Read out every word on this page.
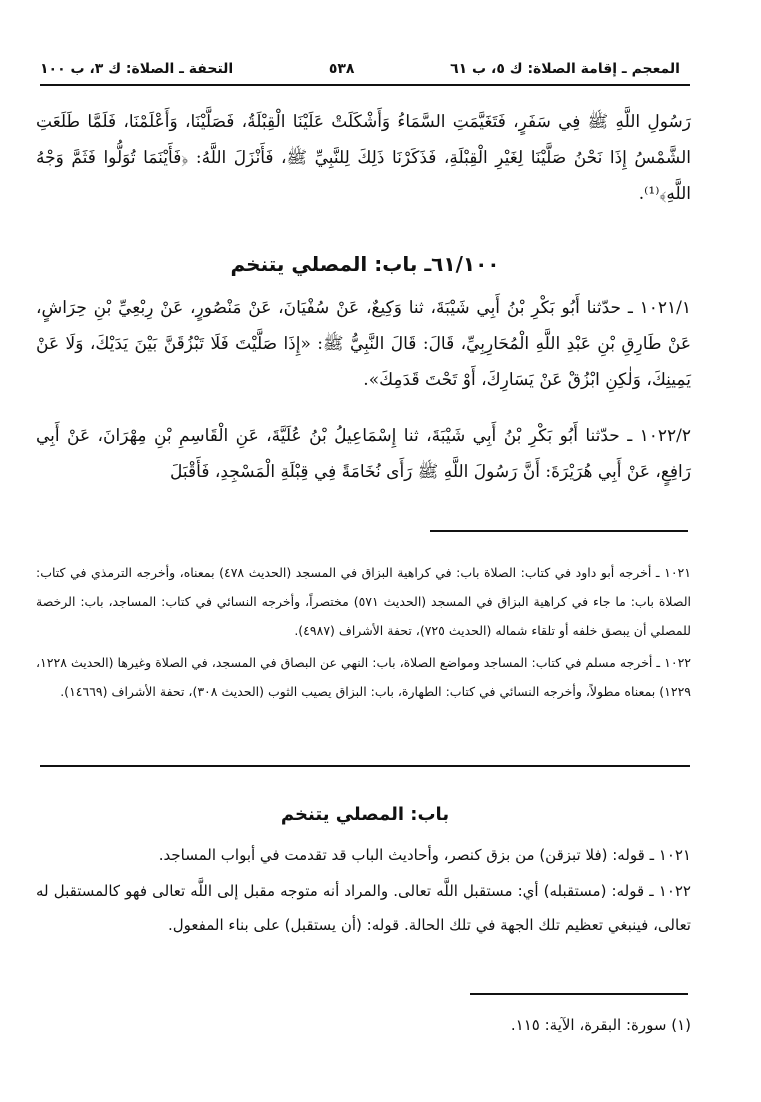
التحفة ـ الصلاة: ك ٣، ب ١٠٠	٥٣٨	المعجم ـ إقامة الصلاة: ك ٥، ب ٦١
رَسُولِ اللَّهِ ﷺ فِي سَفَرٍ، فَتَغَيَّمَتِ السَّمَاءُ وَأَشْكَلَتْ عَلَيْنَا الْقِبْلَةُ، فَصَلَّيْنَا، وَأَعْلَمْنَا، فَلَمَّا طَلَعَتِ الشَّمْسُ إِذَا نَحْنُ صَلَّيْنَا لِغَيْرِ الْقِبْلَةِ، فَذَكَرْنَا ذَلِكَ لِلنَّبِيِّ ﷺ، فَأَنْزَلَ اللَّهُ: ﴿فَأَيْنَمَا تُوَلُّوا فَثَمَّ وَجْهُ اللَّهِ﴾⁽¹⁾.
٦١/١٠٠ـ باب: المصلي يتنخم
١٠٢١/١ ـ حدّثنا أَبُو بَكْرِ بْنُ أَبِي شَيْبَةَ، ثنا وَكِيعٌ، عَنْ سُفْيَانَ، عَنْ مَنْصُورٍ، عَنْ رِبْعِيِّ بْنِ حِرَاشٍ، عَنْ طَارِقِ بْنِ عَبْدِ اللَّهِ الْمُحَارِبِيِّ، قَالَ: قَالَ النَّبِيُّ ﷺ: «إِذَا صَلَّيْتَ فَلَا تَبْزُقَنَّ بَيْنَ يَدَيْكَ، وَلَا عَنْ يَمِينِكَ، وَلٰكِنِ ابْزُقْ عَنْ يَسَارِكَ، أَوْ تَحْتَ قَدَمِكَ».
١٠٢٢/٢ ـ حدّثنا أَبُو بَكْرِ بْنُ أَبِي شَيْبَةَ، ثنا إِسْمَاعِيلُ بْنُ عُلَيَّةَ، عَنِ الْقَاسِمِ بْنِ مِهْرَانَ، عَنْ أَبِي رَافِعٍ، عَنْ أَبِي هُرَيْرَةَ: أَنَّ رَسُولَ اللَّهِ ﷺ رَأَى نُخَامَةً فِي قِبْلَةِ الْمَسْجِدِ، فَأَقْبَلَ
١٠٢١ ـ أخرجه أبو داود في كتاب: الصلاة باب: في كراهية البزاق في المسجد (الحديث ٤٧٨) بمعناه، وأخرجه الترمذي في كتاب: الصلاة باب: ما جاء في كراهية البزاق في المسجد (الحديث ٥٧١) مختصراً، وأخرجه النسائي في كتاب: المساجد، باب: الرخصة للمصلي أن يبصق خلفه أو تلقاء شماله (الحديث ٧٢٥)، تحفة الأشراف (٤٩٨٧).
١٠٢٢ ـ أخرجه مسلم في كتاب: المساجد ومواضع الصلاة، باب: النهي عن البصاق في المسجد، في الصلاة وغيرها (الحديث ١٢٢٨، ١٢٢٩) بمعناه مطولاً، وأخرجه النسائي في كتاب: الطهارة، باب: البزاق يصيب الثوب (الحديث ٣٠٨)، تحفة الأشراف (١٤٦٦٩).
باب: المصلي يتنخم
١٠٢١ ـ قوله: (فلا تبزقن) من بزق كنصر، وأحاديث الباب قد تقدمت في أبواب المساجد.
١٠٢٢ ـ قوله: (مستقبله) أي: مستقبل اللَّه تعالى. والمراد أنه متوجه مقبل إلى اللَّه تعالى فهو كالمستقبل له تعالى، فينبغي تعظيم تلك الجهة في تلك الحالة. قوله: (أن يستقبل) على بناء المفعول.
(١) سورة: البقرة، الآية: ١١٥.
